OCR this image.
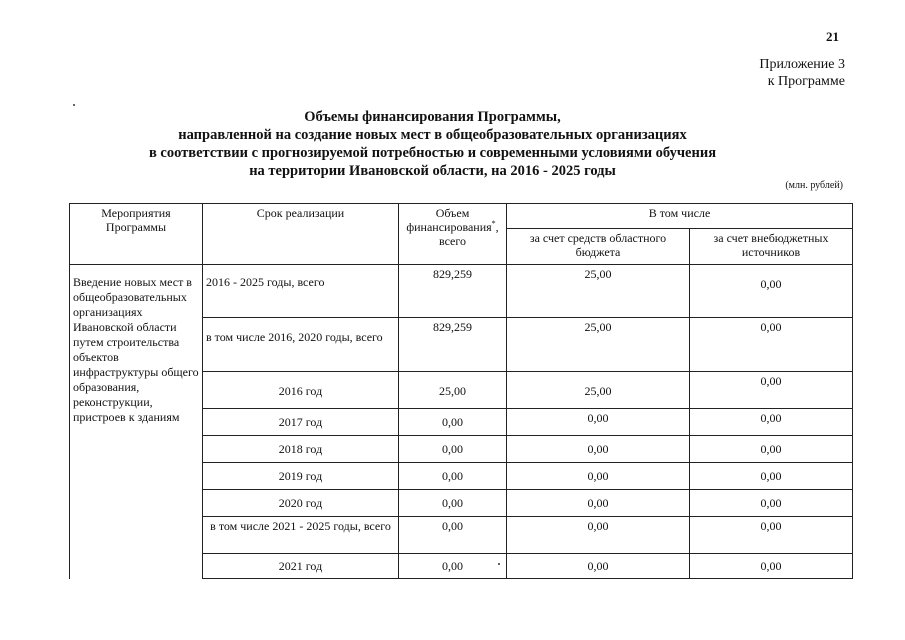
21
Приложение 3
к Программе
Объемы финансирования Программы,
направленной на создание новых мест в общеобразовательных организациях
в соответствии с прогнозируемой потребностью и современными условиями обучения
на территории Ивановской области, на 2016 - 2025 годы
(млн. рублей)
Мероприятия Программы	Срок реализации	Объем финансирования*, всего	В том числе	
			за счет средств областного бюджета	за счет внебюджетных источников
Введение новых мест в общеобразовательных организациях Ивановской области путем строительства объектов инфраструктуры общего образования, реконструкции, пристроев к зданиям	2016 - 2025 годы, всего	829,259	25,00	0,00
	в том числе 2016, 2020 годы, всего	829,259	25,00	0,00
	2016 год	25,00	25,00	0,00
	2017 год	0,00	0,00	0,00
	2018 год	0,00	0,00	0,00
	2019 год	0,00	0,00	0,00
	2020 год	0,00	0,00	0,00
	в том числе 2021 - 2025 годы, всего	0,00	0,00	0,00
	2021 год	0,00	0,00	0,00
